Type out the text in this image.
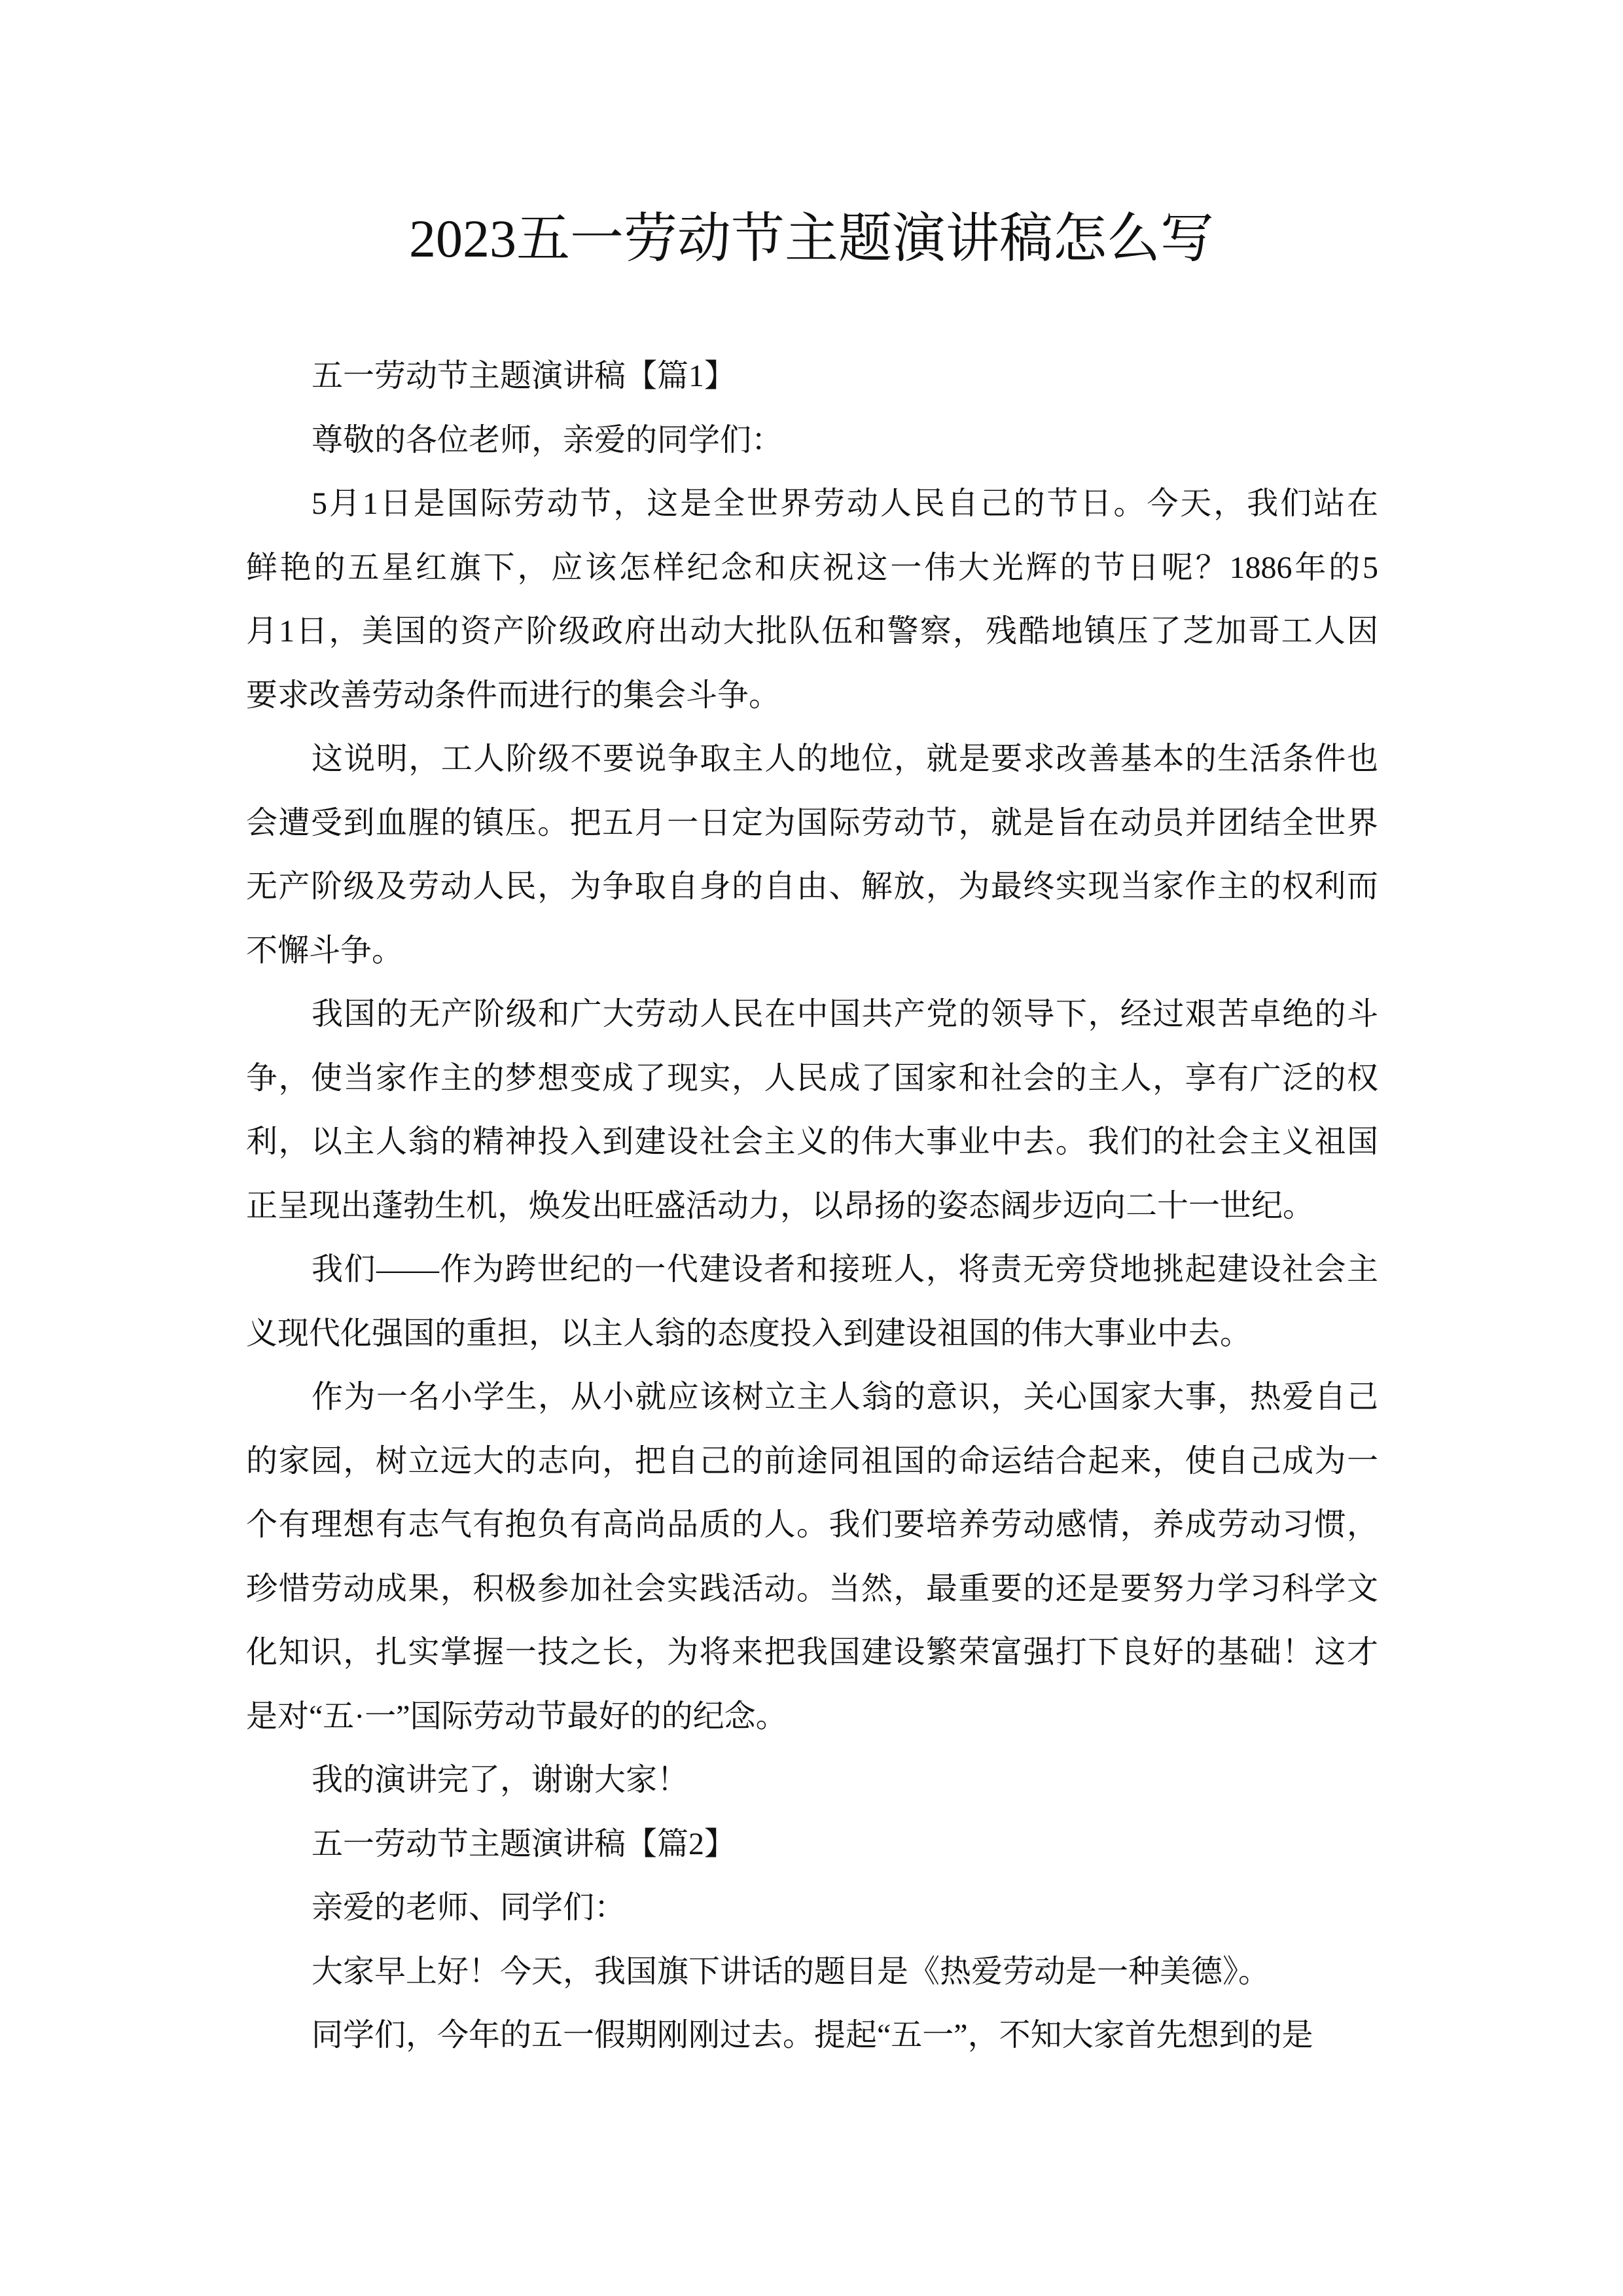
2023五一劳动节主题演讲稿怎么写
五一劳动节主题演讲稿【篇1】
尊敬的各位老师，亲爱的同学们：
5月1日是国际劳动节，这是全世界劳动人民自己的节日。今天，我们站在
鲜艳的五星红旗下，应该怎样纪念和庆祝这一伟大光辉的节日呢？1886年的5
月1日，美国的资产阶级政府出动大批队伍和警察，残酷地镇压了芝加哥工人因
要求改善劳动条件而进行的集会斗争。
这说明，工人阶级不要说争取主人的地位，就是要求改善基本的生活条件也
会遭受到血腥的镇压。把五月一日定为国际劳动节，就是旨在动员并团结全世界
无产阶级及劳动人民，为争取自身的自由、解放，为最终实现当家作主的权利而
不懈斗争。
我国的无产阶级和广大劳动人民在中国共产党的领导下，经过艰苦卓绝的斗
争，使当家作主的梦想变成了现实，人民成了国家和社会的主人，享有广泛的权
利，以主人翁的精神投入到建设社会主义的伟大事业中去。我们的社会主义祖国
正呈现出蓬勃生机，焕发出旺盛活动力，以昂扬的姿态阔步迈向二十一世纪。
我们——作为跨世纪的一代建设者和接班人，将责无旁贷地挑起建设社会主
义现代化强国的重担，以主人翁的态度投入到建设祖国的伟大事业中去。
作为一名小学生，从小就应该树立主人翁的意识，关心国家大事，热爱自己
的家园，树立远大的志向，把自己的前途同祖国的命运结合起来，使自己成为一
个有理想有志气有抱负有高尚品质的人。我们要培养劳动感情，养成劳动习惯，
珍惜劳动成果，积极参加社会实践活动。当然，最重要的还是要努力学习科学文
化知识，扎实掌握一技之长，为将来把我国建设繁荣富强打下良好的基础！这才
是对“五·一”国际劳动节最好的的纪念。
我的演讲完了，谢谢大家！
五一劳动节主题演讲稿【篇2】
亲爱的老师、同学们：
大家早上好！今天，我国旗下讲话的题目是《热爱劳动是一种美德》。
同学们，今年的五一假期刚刚过去。提起“五一”，不知大家首先想到的是
